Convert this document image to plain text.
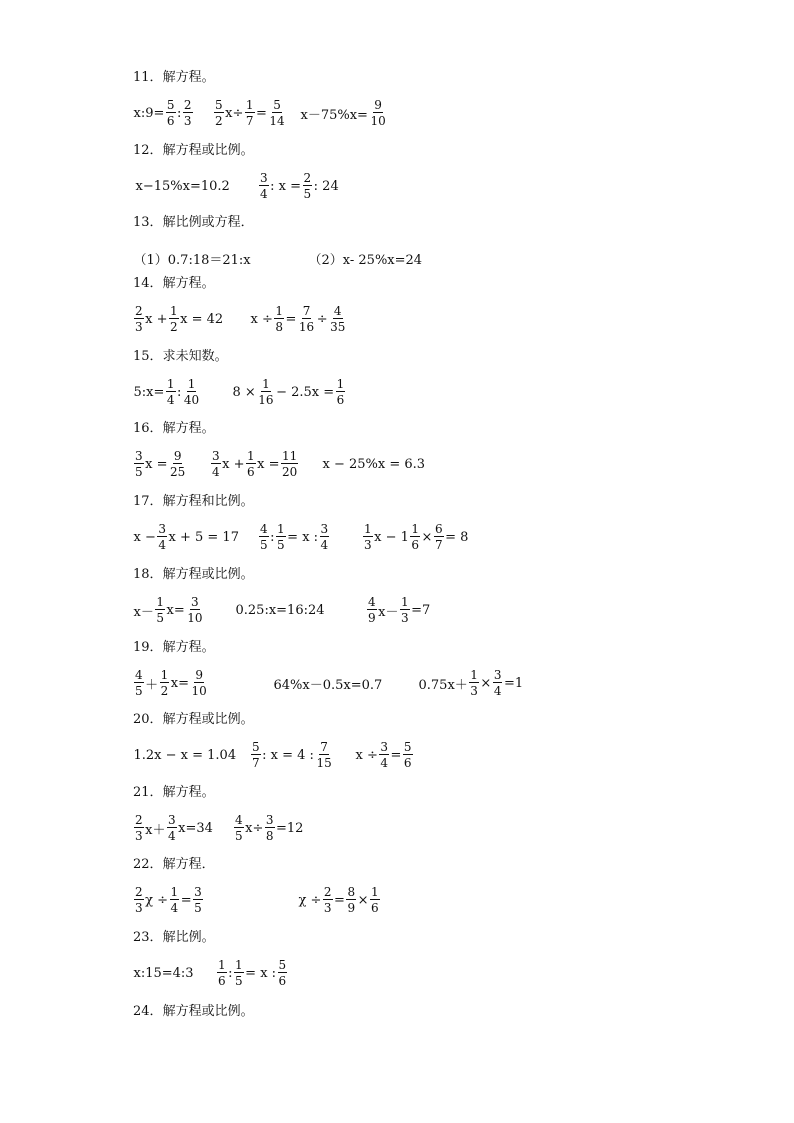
11．解方程。
x:9= $\frac{5}{6}$ : $\frac{2}{3} \frac{5}{2} x\div \frac{1}{7} = \frac{5}{14} x-75\%x= \frac{9}{10}$
12．解方程或比例。
$x-15\%x=10.2 \frac{3}{4}$ : $x = \frac{2}{5}$ : 24
13．解比例或方程．
（1）0.7:18＝21:x	（2）x- 25%x=24
14．解方程。
$\frac{2}{3}$ $x + \frac{1}{2}$ x = 42 $x \div \frac{1}{8} = \frac{7}{16} \div \frac{4}{35}$
15．求未知数。
5:x= $\frac{1}{4}$ : $\frac{1}{40} 8 \times \frac{1}{16} - 2.5x = \frac{1}{6}$
16．解方程。
$\frac{3}{5}$ $x = \frac{9}{25} \frac{3}{4}$ $x + \frac{1}{6}$ $x = \frac{11}{20}$ x − 25%x = 6.3
17．解方程和比例。
$x - \frac{3}{4}$ $x + 5 = 17 \frac{4}{5}$ : $\frac{1}{5} = x$ : $\frac{3}{4}$	$\frac{1}{3}$ $x - 1 \frac{1}{6} \times \frac{6}{7} = 8$
18．解方程或比例。
$x- \frac{1}{5} x= \frac{3}{10}$ 0.25:x=16:24	$\frac{4}{9} x- \frac{1}{3} =7$
19．解方程。
$\frac{4}{5} + \frac{1}{2} x= \frac{9}{10}$	64%x－0.5x=0.7	$0.75x+ \frac{1}{3} \times \frac{3}{4} =1$
20．解方程或比例。
$1.2x - x = 1.04 \frac{5}{7}$ : x = 4 : $\frac{7}{15}$ $x \div \frac{3}{4} = \frac{5}{6}$
21．解方程。
$\frac{2}{3} x+ \frac{3}{4} x=34 \frac{4}{5} x\div \frac{3}{8} =12$
22．解方程．
$\frac{2}{3}$ $\chi \div \frac{1}{4} = \frac{3}{5}$	$\chi \div \frac{2}{3} = \frac{8}{9} \times \frac{1}{6}$
23．解比例。
x:15=4:3 $\frac{1}{6}$ : $\frac{1}{5} = x$ : $\frac{5}{6}$
24．解方程或比例。
